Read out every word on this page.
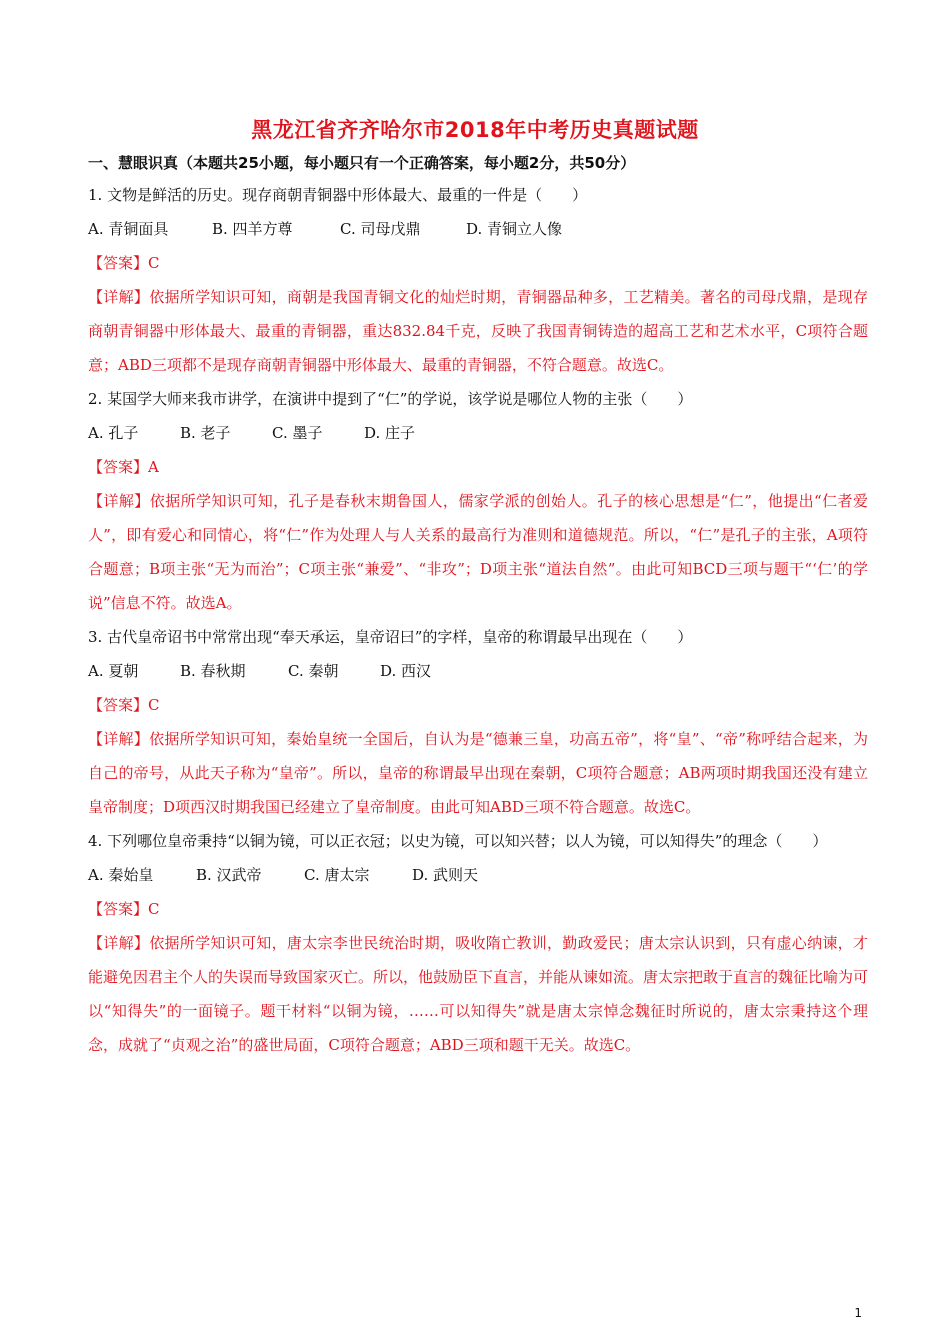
黑龙江省齐齐哈尔市2018年中考历史真题试题
一、慧眼识真（本题共25小题，每小题只有一个正确答案，每小题2分，共50分）
1. 文物是鲜活的历史。现存商朝青铜器中形体最大、最重的一件是（　　）
A. 青铜面具	B. 四羊方尊	C. 司母戊鼎	D. 青铜立人像
【答案】C
【详解】依据所学知识可知，商朝是我国青铜文化的灿烂时期，青铜器品种多，工艺精美。著名的司母戊鼎，是现存商朝青铜器中形体最大、最重的青铜器，重达832.84千克，反映了我国青铜铸造的超高工艺和艺术水平，C项符合题意；ABD三项都不是现存商朝青铜器中形体最大、最重的青铜器，不符合题意。故选C。
2. 某国学大师来我市讲学，在演讲中提到了“仁”的学说，该学说是哪位人物的主张（　　）
A. 孔子	B. 老子	C. 墨子	D. 庄子
【答案】A
【详解】依据所学知识可知，孔子是春秋末期鲁国人，儒家学派的创始人。孔子的核心思想是“仁”，他提出“仁者爱人”，即有爱心和同情心，将“仁”作为处理人与人关系的最高行为准则和道德规范。所以，“仁”是孔子的主张，A项符合题意；B项主张“无为而治”；C项主张“兼爱”、“非攻”；D项主张“道法自然”。由此可知BCD三项与题干“‘仁’的学说”信息不符。故选A。
3. 古代皇帝诏书中常常出现“奉天承运，皇帝诏曰”的字样，皇帝的称谓最早出现在（　　）
A. 夏朝	B. 春秋期	C. 秦朝	D. 西汉
【答案】C
【详解】依据所学知识可知，秦始皇统一全国后，自认为是“德兼三皇，功高五帝”，将“皇”、“帝”称呼结合起来，为自己的帝号，从此天子称为“皇帝”。所以，皇帝的称谓最早出现在秦朝，C项符合题意；AB两项时期我国还没有建立皇帝制度；D项西汉时期我国已经建立了皇帝制度。由此可知ABD三项不符合题意。故选C。
4. 下列哪位皇帝秉持“以铜为镜，可以正衣冠；以史为镜，可以知兴替；以人为镜，可以知得失”的理念（　　）
A. 秦始皇	B. 汉武帝	C. 唐太宗	D. 武则天
【答案】C
【详解】依据所学知识可知，唐太宗李世民统治时期，吸收隋亡教训，勤政爱民；唐太宗认识到，只有虚心纳谏，才能避免因君主个人的失误而导致国家灭亡。所以，他鼓励臣下直言，并能从谏如流。唐太宗把敢于直言的魏征比喻为可以“知得失”的一面镜子。题干材料“以铜为镜，……可以知得失”就是唐太宗悼念魏征时所说的，唐太宗秉持这个理念，成就了“贞观之治”的盛世局面，C项符合题意；ABD三项和题干无关。故选C。
1
